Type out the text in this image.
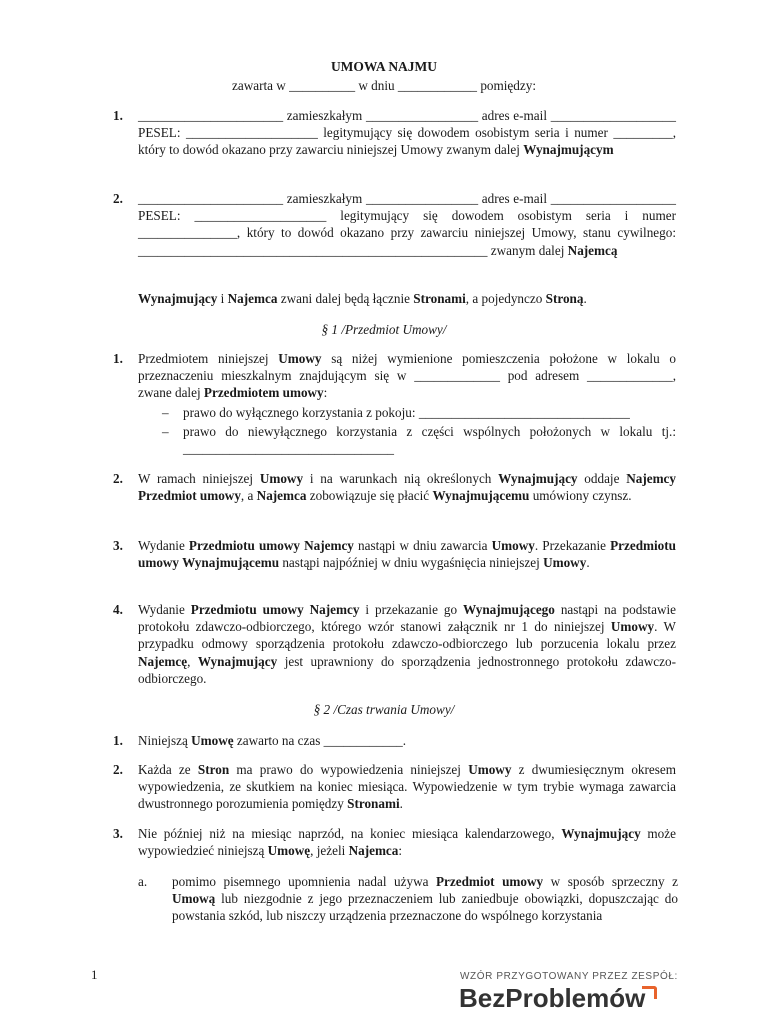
UMOWA NAJMU
zawarta w __________ w dniu ____________ pomiędzy:
1. ______________________ zamieszkałym _________________ adres e-mail ___________________ PESEL: ____________________ legitymujący się dowodem osobistym seria i numer _________, który to dowód okazano przy zawarciu niniejszej Umowy zwanym dalej Wynajmującym
2. ______________________ zamieszkałym _________________ adres e-mail ___________________ PESEL: ____________________ legitymujący się dowodem osobistym seria i numer _______________, który to dowód okazano przy zawarciu niniejszej Umowy, stanu cywilnego: _____________________________________________________ zwanym dalej Najemcą
Wynajmujący i Najemca zwani dalej będą łącznie Stronami, a pojedynczo Stroną.
§ 1 /Przedmiot Umowy/
1. Przedmiotem niniejszej Umowy są niżej wymienione pomieszczenia położone w lokalu o przeznaczeniu mieszkalnym znajdującym się w _____________ pod adresem _____________, zwane dalej Przedmiotem umowy:
– prawo do wyłącznego korzystania z pokoju: ________________________________
– prawo do niewyłącznego korzystania z części wspólnych położonych w lokalu tj.: ________________________________
2. W ramach niniejszej Umowy i na warunkach nią określonych Wynajmujący oddaje Najemcy Przedmiot umowy, a Najemca zobowiązuje się płacić Wynajmującemu umówiony czynsz.
3. Wydanie Przedmiotu umowy Najemcy nastąpi w dniu zawarcia Umowy. Przekazanie Przedmiotu umowy Wynajmującemu nastąpi najpóźniej w dniu wygaśnięcia niniejszej Umowy.
4. Wydanie Przedmiotu umowy Najemcy i przekazanie go Wynajmującego nastąpi na podstawie protokołu zdawczo-odbiorczego, którego wzór stanowi załącznik nr 1 do niniejszej Umowy. W przypadku odmowy sporządzenia protokołu zdawczo-odbiorczego lub porzucenia lokalu przez Najemcę, Wynajmujący jest uprawniony do sporządzenia jednostronnego protokołu zdawczo-odbiorczego.
§ 2 /Czas trwania Umowy/
1. Niniejszą Umowę zawarto na czas ____________.
2. Każda ze Stron ma prawo do wypowiedzenia niniejszej Umowy z dwumiesięcznym okresem wypowiedzenia, ze skutkiem na koniec miesiąca. Wypowiedzenie w tym trybie wymaga zawarcia dwustronnego porozumienia pomiędzy Stronami.
3. Nie później niż na miesiąc naprzód, na koniec miesiąca kalendarzowego, Wynajmujący może wypowiedzieć niniejszą Umowę, jeżeli Najemca:
a. pomimo pisemnego upomnienia nadal używa Przedmiot umowy w sposób sprzeczny z Umową lub niezgodnie z jego przeznaczeniem lub zaniedbuje obowiązki, dopuszczając do powstania szkód, lub niszczy urządzenia przeznaczone do wspólnego korzystania
1	WZÓR PRZYGOTOWANY PRZEZ ZESPÓŁ:
BezProblemów
